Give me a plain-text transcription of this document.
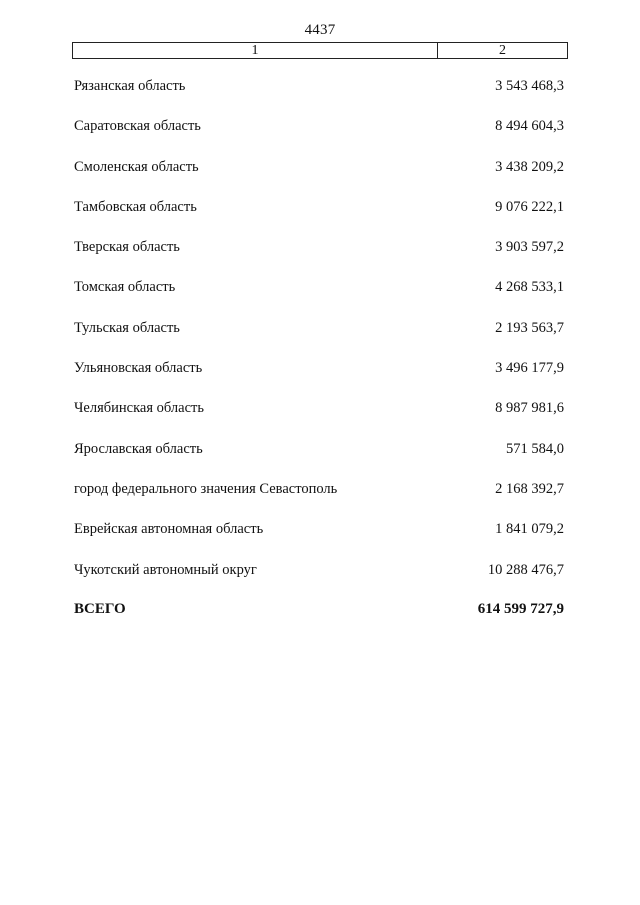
4437
1	2
Рязанская область	3 543 468,3
Саратовская область	8 494 604,3
Смоленская область	3 438 209,2
Тамбовская область	9 076 222,1
Тверская область	3 903 597,2
Томская область	4 268 533,1
Тульская область	2 193 563,7
Ульяновская область	3 496 177,9
Челябинская область	8 987 981,6
Ярославская область	571 584,0
город федерального значения Севастополь	2 168 392,7
Еврейская автономная область	1 841 079,2
Чукотский автономный округ	10 288 476,7
ВСЕГО	614 599 727,9
